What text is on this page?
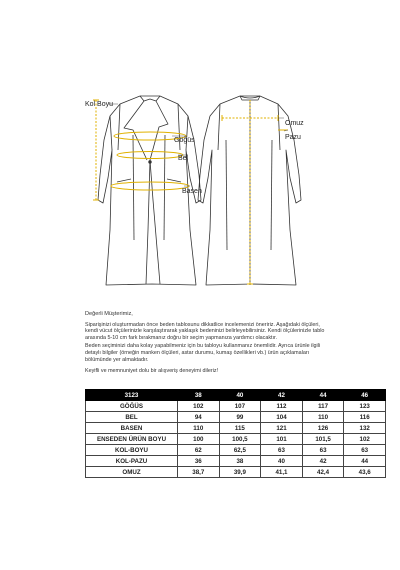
Kol Boyu
Göğüs
Bel
Basen
Omuz
Pazu

Değerli Müşterimiz,

Siparişinizi oluşturmadan önce beden tablosunu dikkatlice incelemenizi öneririz. Aşağıdaki ölçüleri, kendi vücut ölçülerinizle karşılaştırarak yaklaşık bedeninizi belirleyebilirsiniz. Kendi ölçülerinizle tablo arasında 5-10 cm fark bırakmanız doğru bir seçim yapmanıza yardımcı olacaktır.

Beden seçiminizi daha kolay yapabilmeniz için bu tabloyu kullanmanız önemlidir. Ayrıca ürünle ilgili detaylı bilgiler (örneğin manken ölçüleri, astar durumu, kumaş özellikleri vb.) ürün açıklamaları bölümünde yer almaktadır.

Keyifli ve memnuniyet dolu bir alışveriş deneyimi dileriz!

3123	38	40	42	44	46
GÖĞÜS	102	107	112	117	123
BEL	94	99	104	110	116
BASEN	110	115	121	126	132
ENSEDEN ÜRÜN BOYU	100	100,5	101	101,5	102
KOL-BOYU	62	62,5	63	63	63
KOL-PAZU	36	38	40	42	44
OMUZ	38,7	39,9	41,1	42,4	43,6
